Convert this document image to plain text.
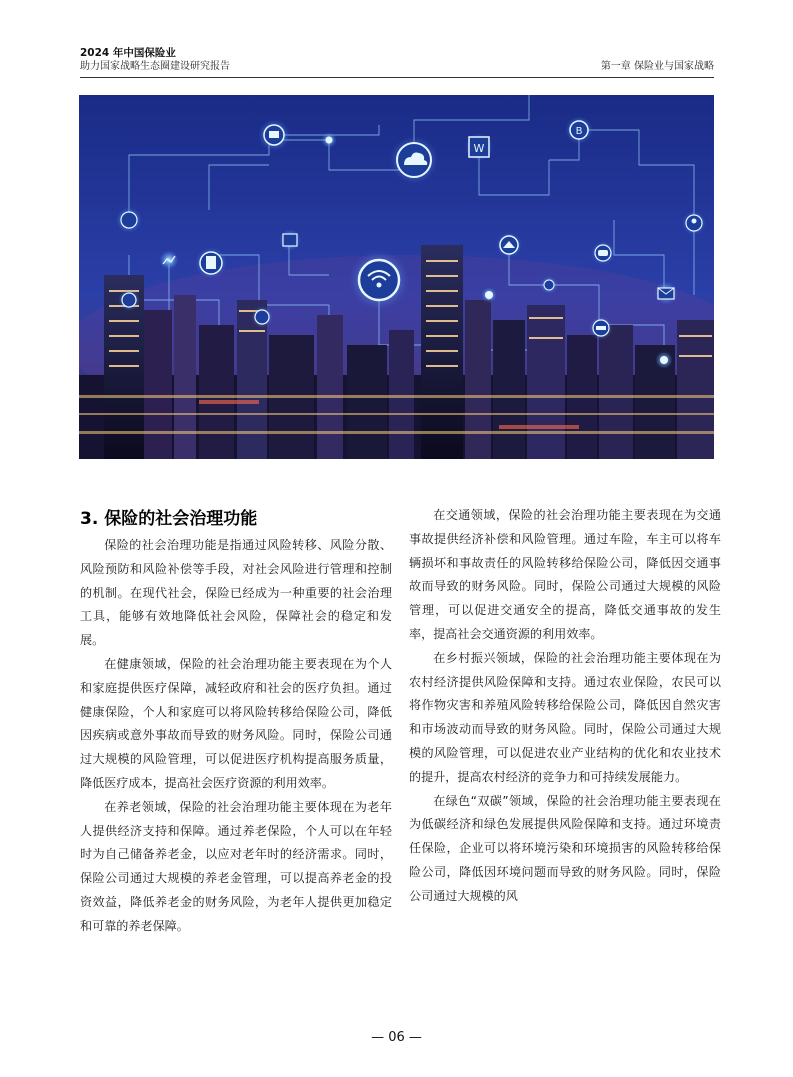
2024 年中国保险业
助力国家战略生态圈建设研究报告	第一章 保险业与国家战略
W
B
3. 保险的社会治理功能

保险的社会治理功能是指通过风险转移、风险分散、风险预防和风险补偿等手段，对社会风险进行管理和控制的机制。在现代社会，保险已经成为一种重要的社会治理工具，能够有效地降低社会风险，保障社会的稳定和发展。

在健康领域，保险的社会治理功能主要表现在为个人和家庭提供医疗保障，减轻政府和社会的医疗负担。通过健康保险，个人和家庭可以将风险转移给保险公司，降低因疾病或意外事故而导致的财务风险。同时，保险公司通过大规模的风险管理，可以促进医疗机构提高服务质量，降低医疗成本，提高社会医疗资源的利用效率。

在养老领域，保险的社会治理功能主要体现在为老年人提供经济支持和保障。通过养老保险，个人可以在年轻时为自己储备养老金，以应对老年时的经济需求。同时，保险公司通过大规模的养老金管理，可以提高养老金的投资效益，降低养老金的财务风险，为老年人提供更加稳定和可靠的养老保障。

在交通领域，保险的社会治理功能主要表现在为交通事故提供经济补偿和风险管理。通过车险，车主可以将车辆损坏和事故责任的风险转移给保险公司，降低因交通事故而导致的财务风险。同时，保险公司通过大规模的风险管理，可以促进交通安全的提高，降低交通事故的发生率，提高社会交通资源的利用效率。

在乡村振兴领域，保险的社会治理功能主要体现在为农村经济提供风险保障和支持。通过农业保险，农民可以将作物灾害和养殖风险转移给保险公司，降低因自然灾害和市场波动而导致的财务风险。同时，保险公司通过大规模的风险管理，可以促进农业产业结构的优化和农业技术的提升，提高农村经济的竞争力和可持续发展能力。

在绿色“双碳”领域，保险的社会治理功能主要表现在为低碳经济和绿色发展提供风险保障和支持。通过环境责任保险，企业可以将环境污染和环境损害的风险转移给保险公司，降低因环境问题而导致的财务风险。同时，保险公司通过大规模的风

— 06 —
